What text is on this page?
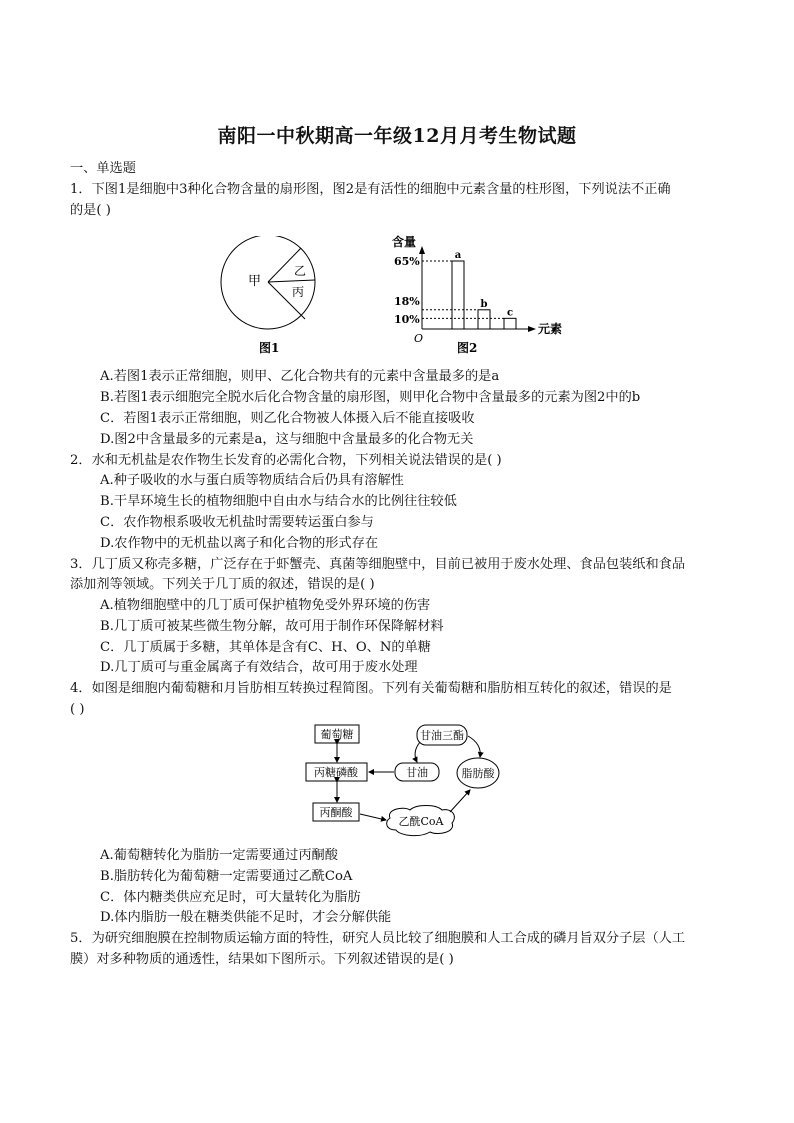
南阳一中秋期高一年级12月月考生物试题
一、单选题
1．下图1是细胞中3种化合物含量的扇形图，图2是有活性的细胞中元素含量的柱形图，下列说法不正确
的是( )
甲
乙
丙
图1
含量
元素
O
65%
18%
10%
a
b
c
图2
A.若图1表示正常细胞，则甲、乙化合物共有的元素中含量最多的是a
B.若图1表示细胞完全脱水后化合物含量的扇形图，则甲化合物中含量最多的元素为图2中的b
C．若图1表示正常细胞，则乙化合物被人体摄入后不能直接吸收
D.图2中含量最多的元素是a，这与细胞中含量最多的化合物无关
2．水和无机盐是农作物生长发育的必需化合物，下列相关说法错误的是( )
A.种子吸收的水与蛋白质等物质结合后仍具有溶解性
B.干旱环境生长的植物细胞中自由水与结合水的比例往往较低
C．农作物根系吸收无机盐时需要转运蛋白参与
D.农作物中的无机盐以离子和化合物的形式存在
3．几丁质又称壳多糖，广泛存在于虾蟹壳、真菌等细胞壁中，目前已被用于废水处理、食品包装纸和食品
添加剂等领域。下列关于几丁质的叙述，错误的是( )
A.植物细胞壁中的几丁质可保护植物免受外界环境的伤害
B.几丁质可被某些微生物分解，故可用于制作环保降解材料
C．几丁质属于多糖，其单体是含有C、H、O、N的单糖
D.几丁质可与重金属离子有效结合，故可用于废水处理
4．如图是细胞内葡萄糖和月旨肪相互转换过程简图。下列有关葡萄糖和脂肪相互转化的叙述，错误的是
( )
葡萄糖
丙糖磷酸
丙酮酸
甘油三酯
甘油	脂肪酸
乙酰CoA
A.葡萄糖转化为脂肪一定需要通过丙酮酸
B.脂肪转化为葡萄糖一定需要通过乙酰CoA
C．体内糖类供应充足时，可大量转化为脂肪
D.体内脂肪一般在糖类供能不足时，才会分解供能
5．为研究细胞膜在控制物质运输方面的特性，研究人员比较了细胞膜和人工合成的磷月旨双分子层（人工
膜）对多种物质的通透性，结果如下图所示。下列叙述错误的是( )
